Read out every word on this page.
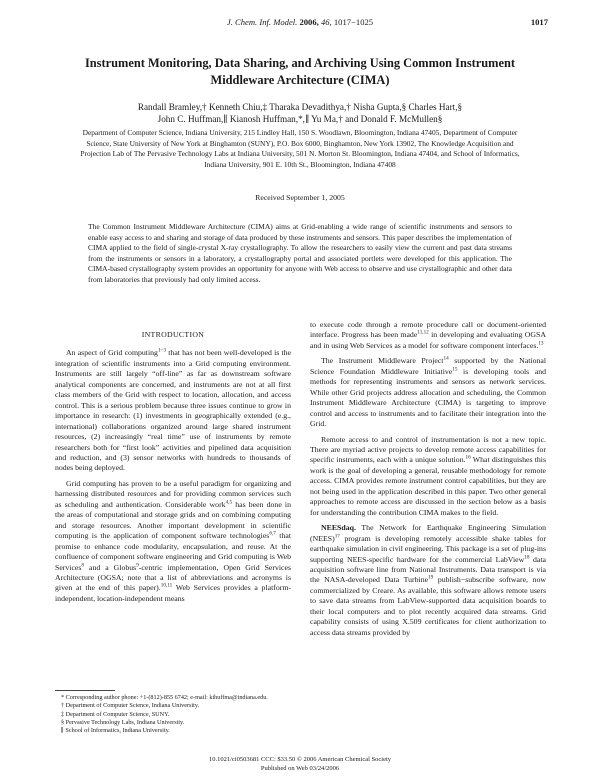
J. Chem. Inf. Model. 2006, 46, 1017−1025	1017
Instrument Monitoring, Data Sharing, and Archiving Using Common Instrument Middleware Architecture (CIMA)
Randall Bramley,† Kenneth Chiu,‡ Tharaka Devadithya,† Nisha Gupta,§ Charles Hart,§
John C. Huffman,∥ Kianosh Huffman,*,∥ Yu Ma,† and Donald F. McMullen§
Department of Computer Science, Indiana University, 215 Lindley Hall, 150 S. Woodlawn, Bloomington, Indiana 47405, Department of Computer Science, State University of New York at Binghamton (SUNY), P.O. Box 6000, Binghamton, New York 13902, The Knowledge Acquisition and Projection Lab of The Pervasive Technology Labs at Indiana University, 501 N. Morton St. Bloomington, Indiana 47404, and School of Informatics, Indiana University, 901 E. 10th St., Bloomington, Indiana 47408
Received September 1, 2005
The Common Instrument Middleware Architecture (CIMA) aims at Grid-enabling a wide range of scientific instruments and sensors to enable easy access to and sharing and storage of data produced by these instruments and sensors. This paper describes the implementation of CIMA applied to the field of single-crystal X-ray crystallography. To allow the researchers to easily view the current and past data streams from the instruments or sensors in a laboratory, a crystallography portal and associated portlets were developed for this application. The CIMA-based crystallography system provides an opportunity for anyone with Web access to observe and use crystallographic and other data from laboratories that previously had only limited access.
INTRODUCTION

An aspect of Grid computing$^{1-3}$ that has not been well-developed is the integration of scientific instruments into a Grid computing environment. Instruments are still largely “off-line” as far as downstream software analytical components are concerned, and instruments are not at all first class members of the Grid with respect to location, allocation, and access control. This is a serious problem because three issues continue to grow in importance in research: (1) investments in geographically extended (e.g., international) collaborations organized around large shared instrument resources, (2) increasingly “real time” use of instruments by remote researchers both for “first look” activities and pipelined data acquisition and reduction, and (3) sensor networks with hundreds to thousands of nodes being deployed.

Grid computing has proven to be a useful paradigm for organizing and harnessing distributed resources and for providing common services such as scheduling and authentication. Considerable work$^{4,5}$ has been done in the areas of computational and storage grids and on combining computing and storage resources. Another important development in scientific computing is the application of component software technologies$^{6,7}$ that promise to enhance code modularity, encapsulation, and reuse. At the confluence of component software engineering and Grid computing is Web Services$^8$ and a Globus$^9$-centric implementation, Open Grid Services Architecture (OGSA; note that a list of abbreviations and acronyms is given at the end of this paper).$^{10,11}$ Web Services provides a platform-independent, location-independent means

to execute code through a remote procedure call or document-oriented interface. Progress has been made$^{11,12}$ in developing and evaluating OGSA and in using Web Services as a model for software component interfaces.$^{13}$

The Instrument Middleware Project$^{14}$ supported by the National Science Foundation Middleware Initiative$^{15}$ is developing tools and methods for representing instruments and sensors as network services. While other Grid projects address allocation and scheduling, the Common Instrument Middleware Architecture (CIMA) is targeting to improve control and access to instruments and to facilitate their integration into the Grid.

Remote access to and control of instrumentation is not a new topic. There are myriad active projects to develop remote access capabilities for specific instruments, each with a unique solution.$^{16}$ What distinguishes this work is the goal of developing a general, reusable methodology for remote access. CIMA provides remote instrument control capabilities, but they are not being used in the application described in this paper. Two other general approaches to remote access are discussed in the section below as a basis for understanding the contribution CIMA makes to the field.

NEESdaq. The Network for Earthquake Engineering Simulation (NEES)$^{17}$ program is developing remotely accessible shake tables for earthquake simulation in civil engineering. This package is a set of plug-ins supporting NEES-specific hardware for the commercial LabView$^{18}$ data acquisition software line from National Instruments. Data transport is via the NASA-developed Data Turbine$^{19}$ publish−subscribe software, now commercialized by Creare. As available, this software allows remote users to save data streams from LabView-supported data acquisition boards to their local computers and to plot recently acquired data streams. Grid capability consists of using X.509 certificates for client authorization to access data streams provided by

* Corresponding author phone: +1-(812)-855 6742; e-mail: kihuffma@indiana.edu.
† Department of Computer Science, Indiana University.
‡ Department of Computer Science, SUNY.
§ Pervasive Technology Labs, Indiana University.
∥ School of Informatics, Indiana University.
10.1021/ci0503681 CCC: $33.50 © 2006 American Chemical Society
Published on Web 03/24/2006
